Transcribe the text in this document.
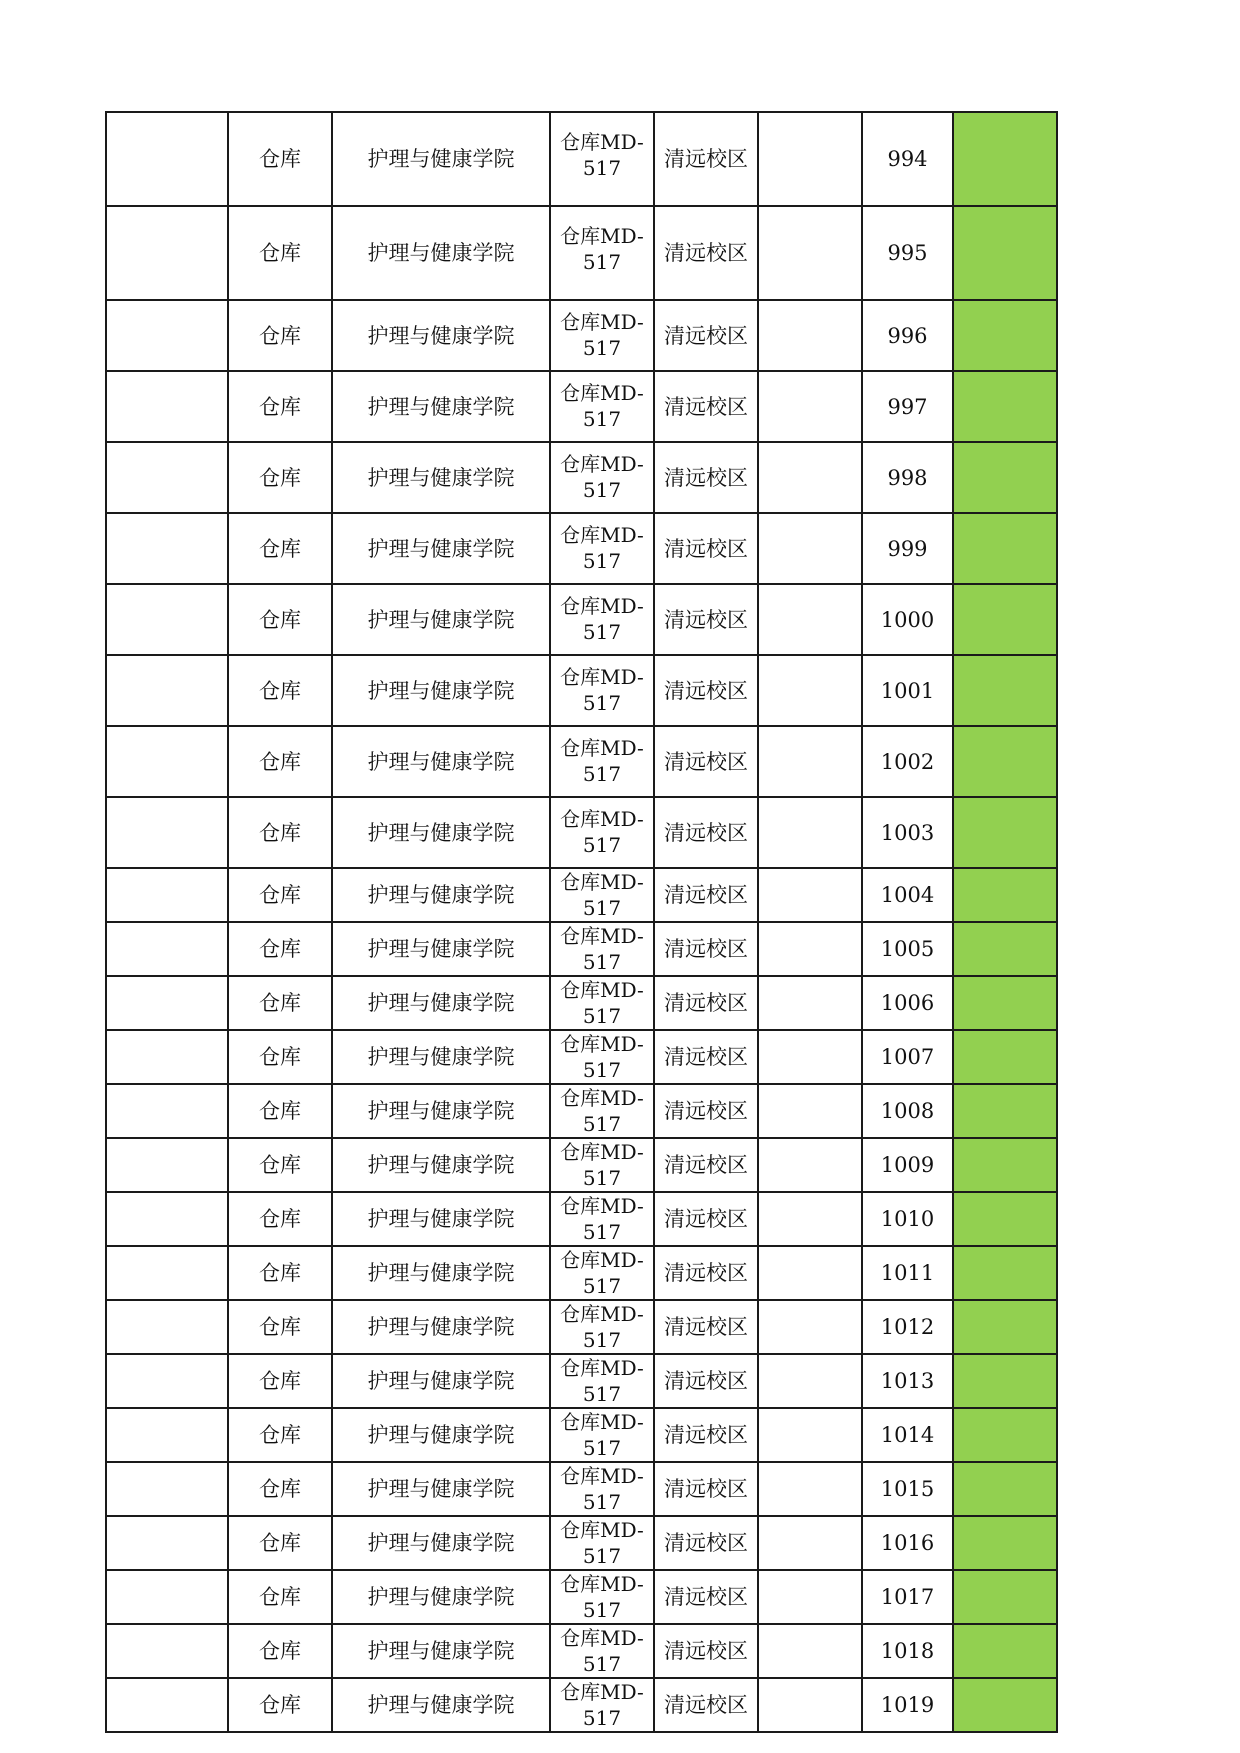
	仓库	护理与健康学院	仓库MD-517	清远校区		994	
	仓库	护理与健康学院	仓库MD-517	清远校区		995	
	仓库	护理与健康学院	仓库MD-517	清远校区		996	
	仓库	护理与健康学院	仓库MD-517	清远校区		997	
	仓库	护理与健康学院	仓库MD-517	清远校区		998	
	仓库	护理与健康学院	仓库MD-517	清远校区		999	
	仓库	护理与健康学院	仓库MD-517	清远校区		1000	
	仓库	护理与健康学院	仓库MD-517	清远校区		1001	
	仓库	护理与健康学院	仓库MD-517	清远校区		1002	
	仓库	护理与健康学院	仓库MD-517	清远校区		1003	
	仓库	护理与健康学院	仓库MD-517	清远校区		1004	
	仓库	护理与健康学院	仓库MD-517	清远校区		1005	
	仓库	护理与健康学院	仓库MD-517	清远校区		1006	
	仓库	护理与健康学院	仓库MD-517	清远校区		1007	
	仓库	护理与健康学院	仓库MD-517	清远校区		1008	
	仓库	护理与健康学院	仓库MD-517	清远校区		1009	
	仓库	护理与健康学院	仓库MD-517	清远校区		1010	
	仓库	护理与健康学院	仓库MD-517	清远校区		1011	
	仓库	护理与健康学院	仓库MD-517	清远校区		1012	
	仓库	护理与健康学院	仓库MD-517	清远校区		1013	
	仓库	护理与健康学院	仓库MD-517	清远校区		1014	
	仓库	护理与健康学院	仓库MD-517	清远校区		1015	
	仓库	护理与健康学院	仓库MD-517	清远校区		1016	
	仓库	护理与健康学院	仓库MD-517	清远校区		1017	
	仓库	护理与健康学院	仓库MD-517	清远校区		1018	
	仓库	护理与健康学院	仓库MD-517	清远校区		1019	
